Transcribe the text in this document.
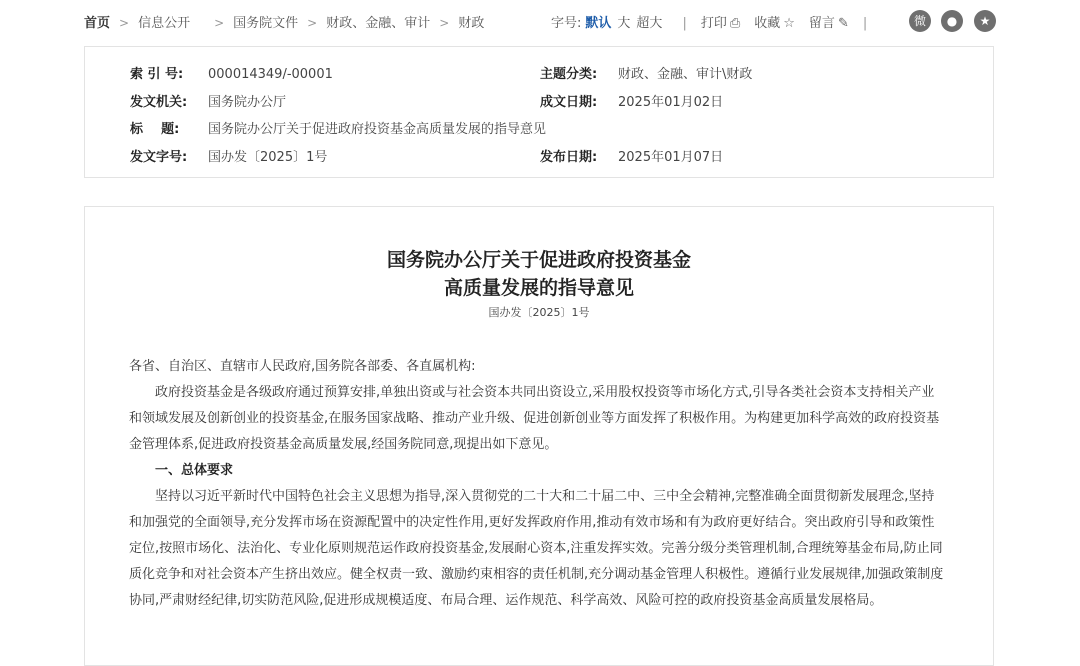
首页 > 信息公开 > 国务院文件 > 财政、金融、审计 > 财政	字号: 默认 大 超大 | 打印 ⎙ 收藏 ☆ 留言 ✎ |	微	●	★
索 引 号: 000014349/-00001	主题分类: 财政、金融、审计\财政
发文机关: 国务院办公厅	成文日期: 2025年01月02日
标    题: 国务院办公厅关于促进政府投资基金高质量发展的指导意见
发文字号: 国办发〔2025〕1号	发布日期: 2025年01月07日
国务院办公厅关于促进政府投资基金
高质量发展的指导意见
国办发〔2025〕1号

各省、自治区、直辖市人民政府,国务院各部委、各直属机构:

政府投资基金是各级政府通过预算安排,单独出资或与社会资本共同出资设立,采用股权投资等市场化方式,引导各类社会资本支持相关产业和领域发展及创新创业的投资基金,在服务国家战略、推动产业升级、促进创新创业等方面发挥了积极作用。为构建更加科学高效的政府投资基金管理体系,促进政府投资基金高质量发展,经国务院同意,现提出如下意见。

一、总体要求

坚持以习近平新时代中国特色社会主义思想为指导,深入贯彻党的二十大和二十届二中、三中全会精神,完整准确全面贯彻新发展理念,坚持和加强党的全面领导,充分发挥市场在资源配置中的决定性作用,更好发挥政府作用,推动有效市场和有为政府更好结合。突出政府引导和政策性定位,按照市场化、法治化、专业化原则规范运作政府投资基金,发展耐心资本,注重发挥实效。完善分级分类管理机制,合理统筹基金布局,防止同质化竞争和对社会资本产生挤出效应。健全权责一致、激励约束相容的责任机制,充分调动基金管理人积极性。遵循行业发展规律,加强政策制度协同,严肃财经纪律,切实防范风险,促进形成规模适度、布局合理、运作规范、科学高效、风险可控的政府投资基金高质量发展格局。
